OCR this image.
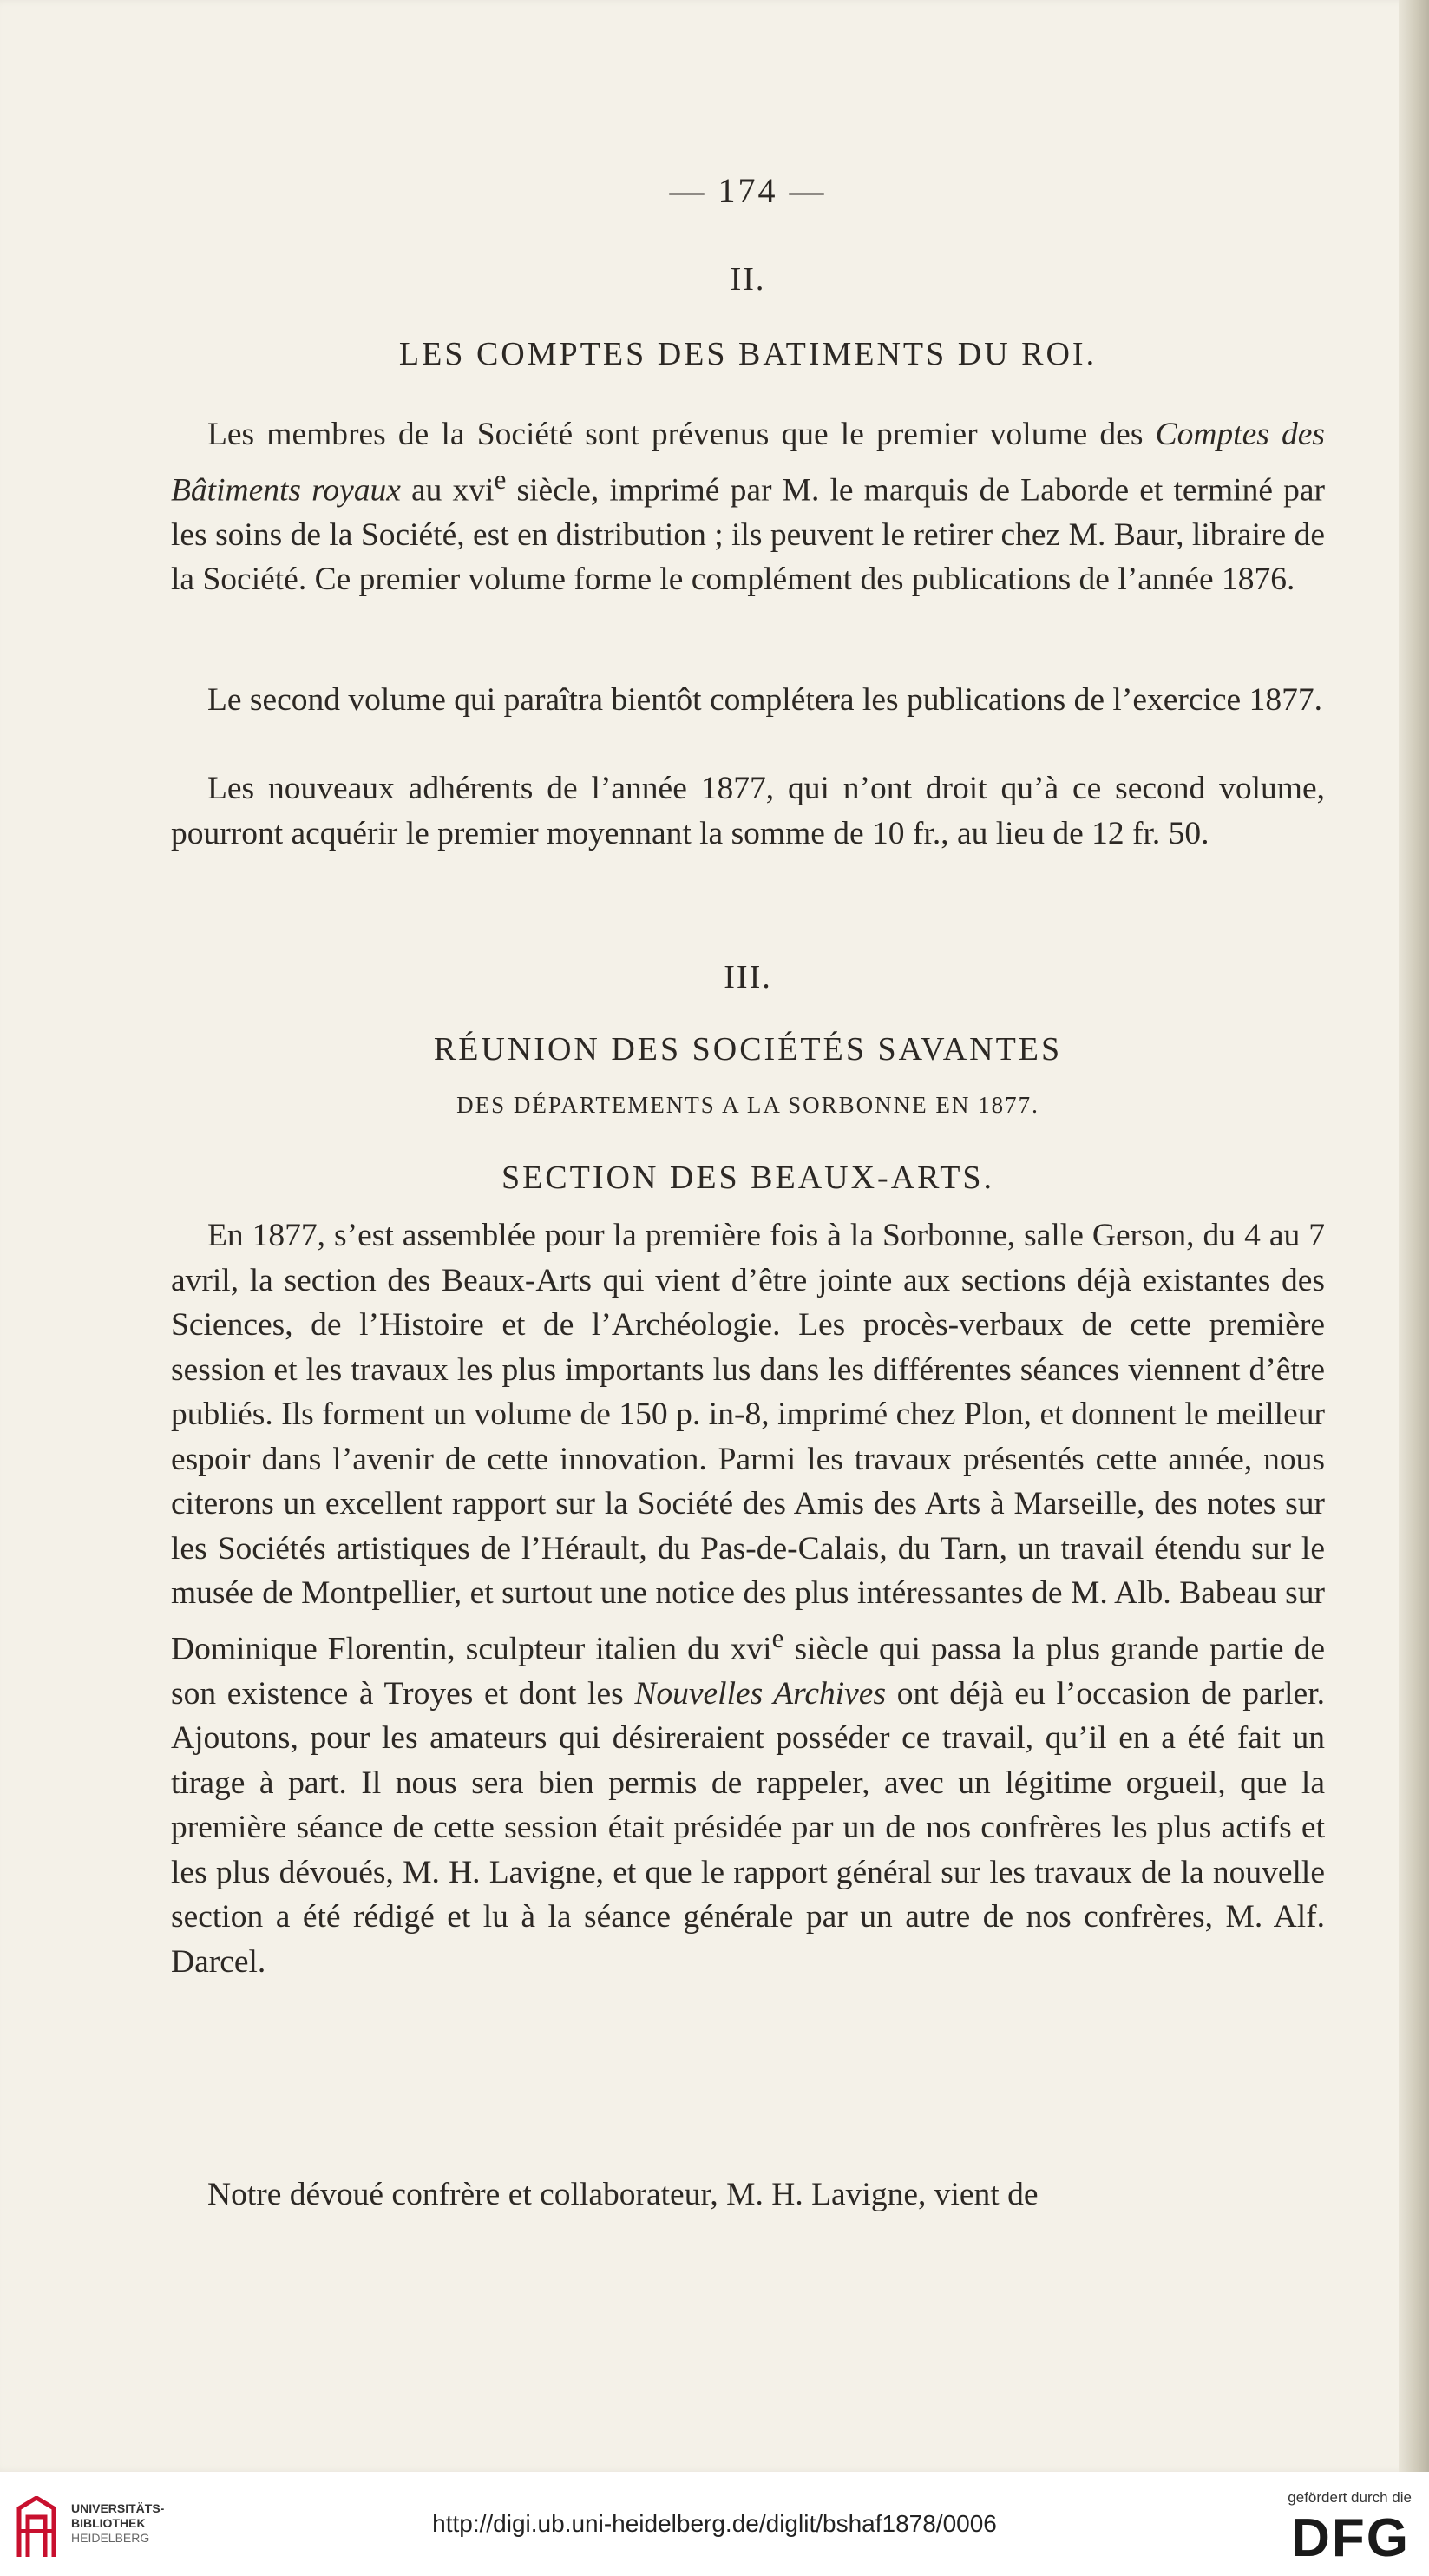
— 174 —
II.
LES COMPTES DES BATIMENTS DU ROI.
Les membres de la Société sont prévenus que le premier volume des Comptes des Bâtiments royaux au xvi$^e$ siècle, imprimé par M. le marquis de Laborde et terminé par les soins de la Société, est en distribution ; ils peuvent le retirer chez M. Baur, libraire de la Société. Ce premier volume forme le complément des publications de l’année 1876.
Le second volume qui paraîtra bientôt complétera les publications de l’exercice 1877.
Les nouveaux adhérents de l’année 1877, qui n’ont droit qu’à ce second volume, pourront acquérir le premier moyennant la somme de 10 fr., au lieu de 12 fr. 50.
III.
RÉUNION DES SOCIÉTÉS SAVANTES
DES DÉPARTEMENTS A LA SORBONNE EN 1877.
SECTION DES BEAUX-ARTS.
En 1877, s’est assemblée pour la première fois à la Sorbonne, salle Gerson, du 4 au 7 avril, la section des Beaux-Arts qui vient d’être jointe aux sections déjà existantes des Sciences, de l’Histoire et de l’Archéologie. Les procès-verbaux de cette première session et les travaux les plus importants lus dans les différentes séances viennent d’être publiés. Ils forment un volume de 150 p. in-8, imprimé chez Plon, et donnent le meilleur espoir dans l’avenir de cette innovation. Parmi les travaux présentés cette année, nous citerons un excellent rapport sur la Société des Amis des Arts à Marseille, des notes sur les Sociétés artistiques de l’Hérault, du Pas-de-Calais, du Tarn, un travail étendu sur le musée de Montpellier, et surtout une notice des plus intéressantes de M. Alb. Babeau sur Dominique Florentin, sculpteur italien du xvi$^e$ siècle qui passa la plus grande partie de son existence à Troyes et dont les Nouvelles Archives ont déjà eu l’occasion de parler. Ajoutons, pour les amateurs qui désireraient posséder ce travail, qu’il en a été fait un tirage à part. Il nous sera bien permis de rappeler, avec un légitime orgueil, que la première séance de cette session était présidée par un de nos confrères les plus actifs et les plus dévoués, M. H. Lavigne, et que le rapport général sur les travaux de la nouvelle section a été rédigé et lu à la séance générale par un autre de nos confrères, M. Alf. Darcel.
Notre dévoué confrère et collaborateur, M. H. Lavigne, vient de
UNIVERSITÄTS-
BIBLIOTHEK
HEIDELBERG
http://digi.ub.uni-heidelberg.de/diglit/bshaf1878/0006
gefördert durch die
DFG
